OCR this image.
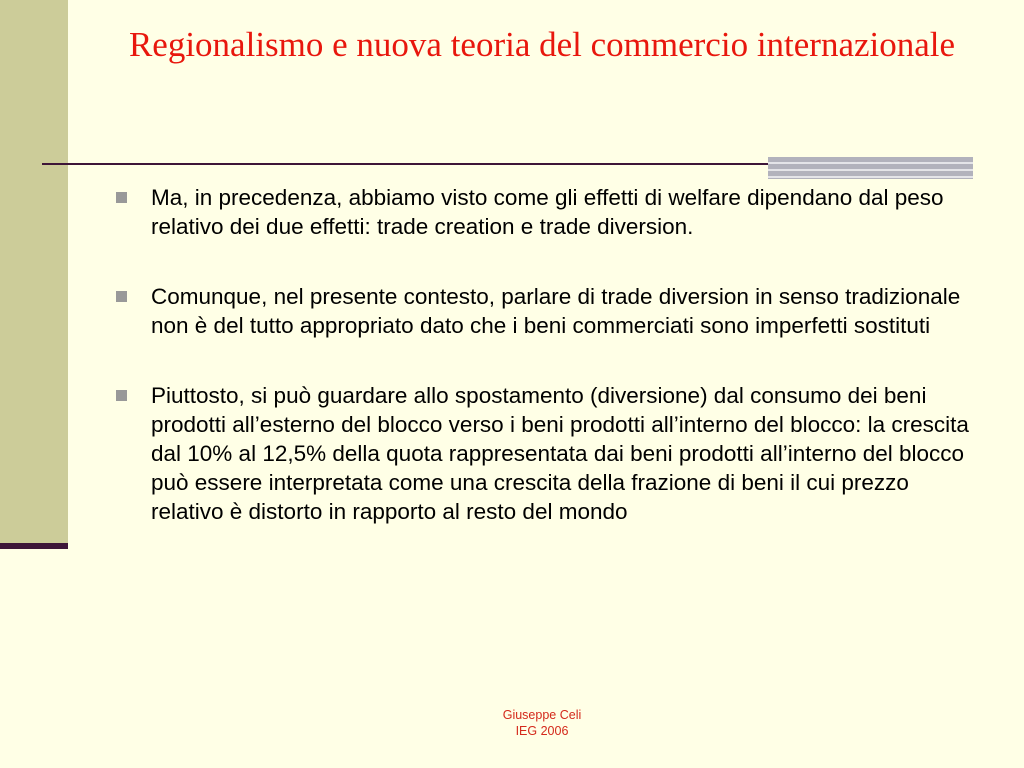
Regionalismo e nuova teoria del commercio internazionale
Ma, in precedenza, abbiamo visto come gli effetti di welfare dipendano dal peso relativo dei due effetti: trade creation e trade diversion.
Comunque, nel presente contesto, parlare di trade diversion in senso tradizionale non è del tutto appropriato dato che i beni commerciati sono imperfetti sostituti
Piuttosto, si può guardare allo spostamento (diversione) dal consumo dei beni prodotti all’esterno del blocco verso i beni prodotti all’interno del blocco: la crescita dal 10% al 12,5% della quota rappresentata dai beni prodotti all’interno del blocco può essere interpretata come una crescita della frazione di beni il cui prezzo relativo è distorto in rapporto al resto del mondo
Giuseppe Celi
IEG 2006
